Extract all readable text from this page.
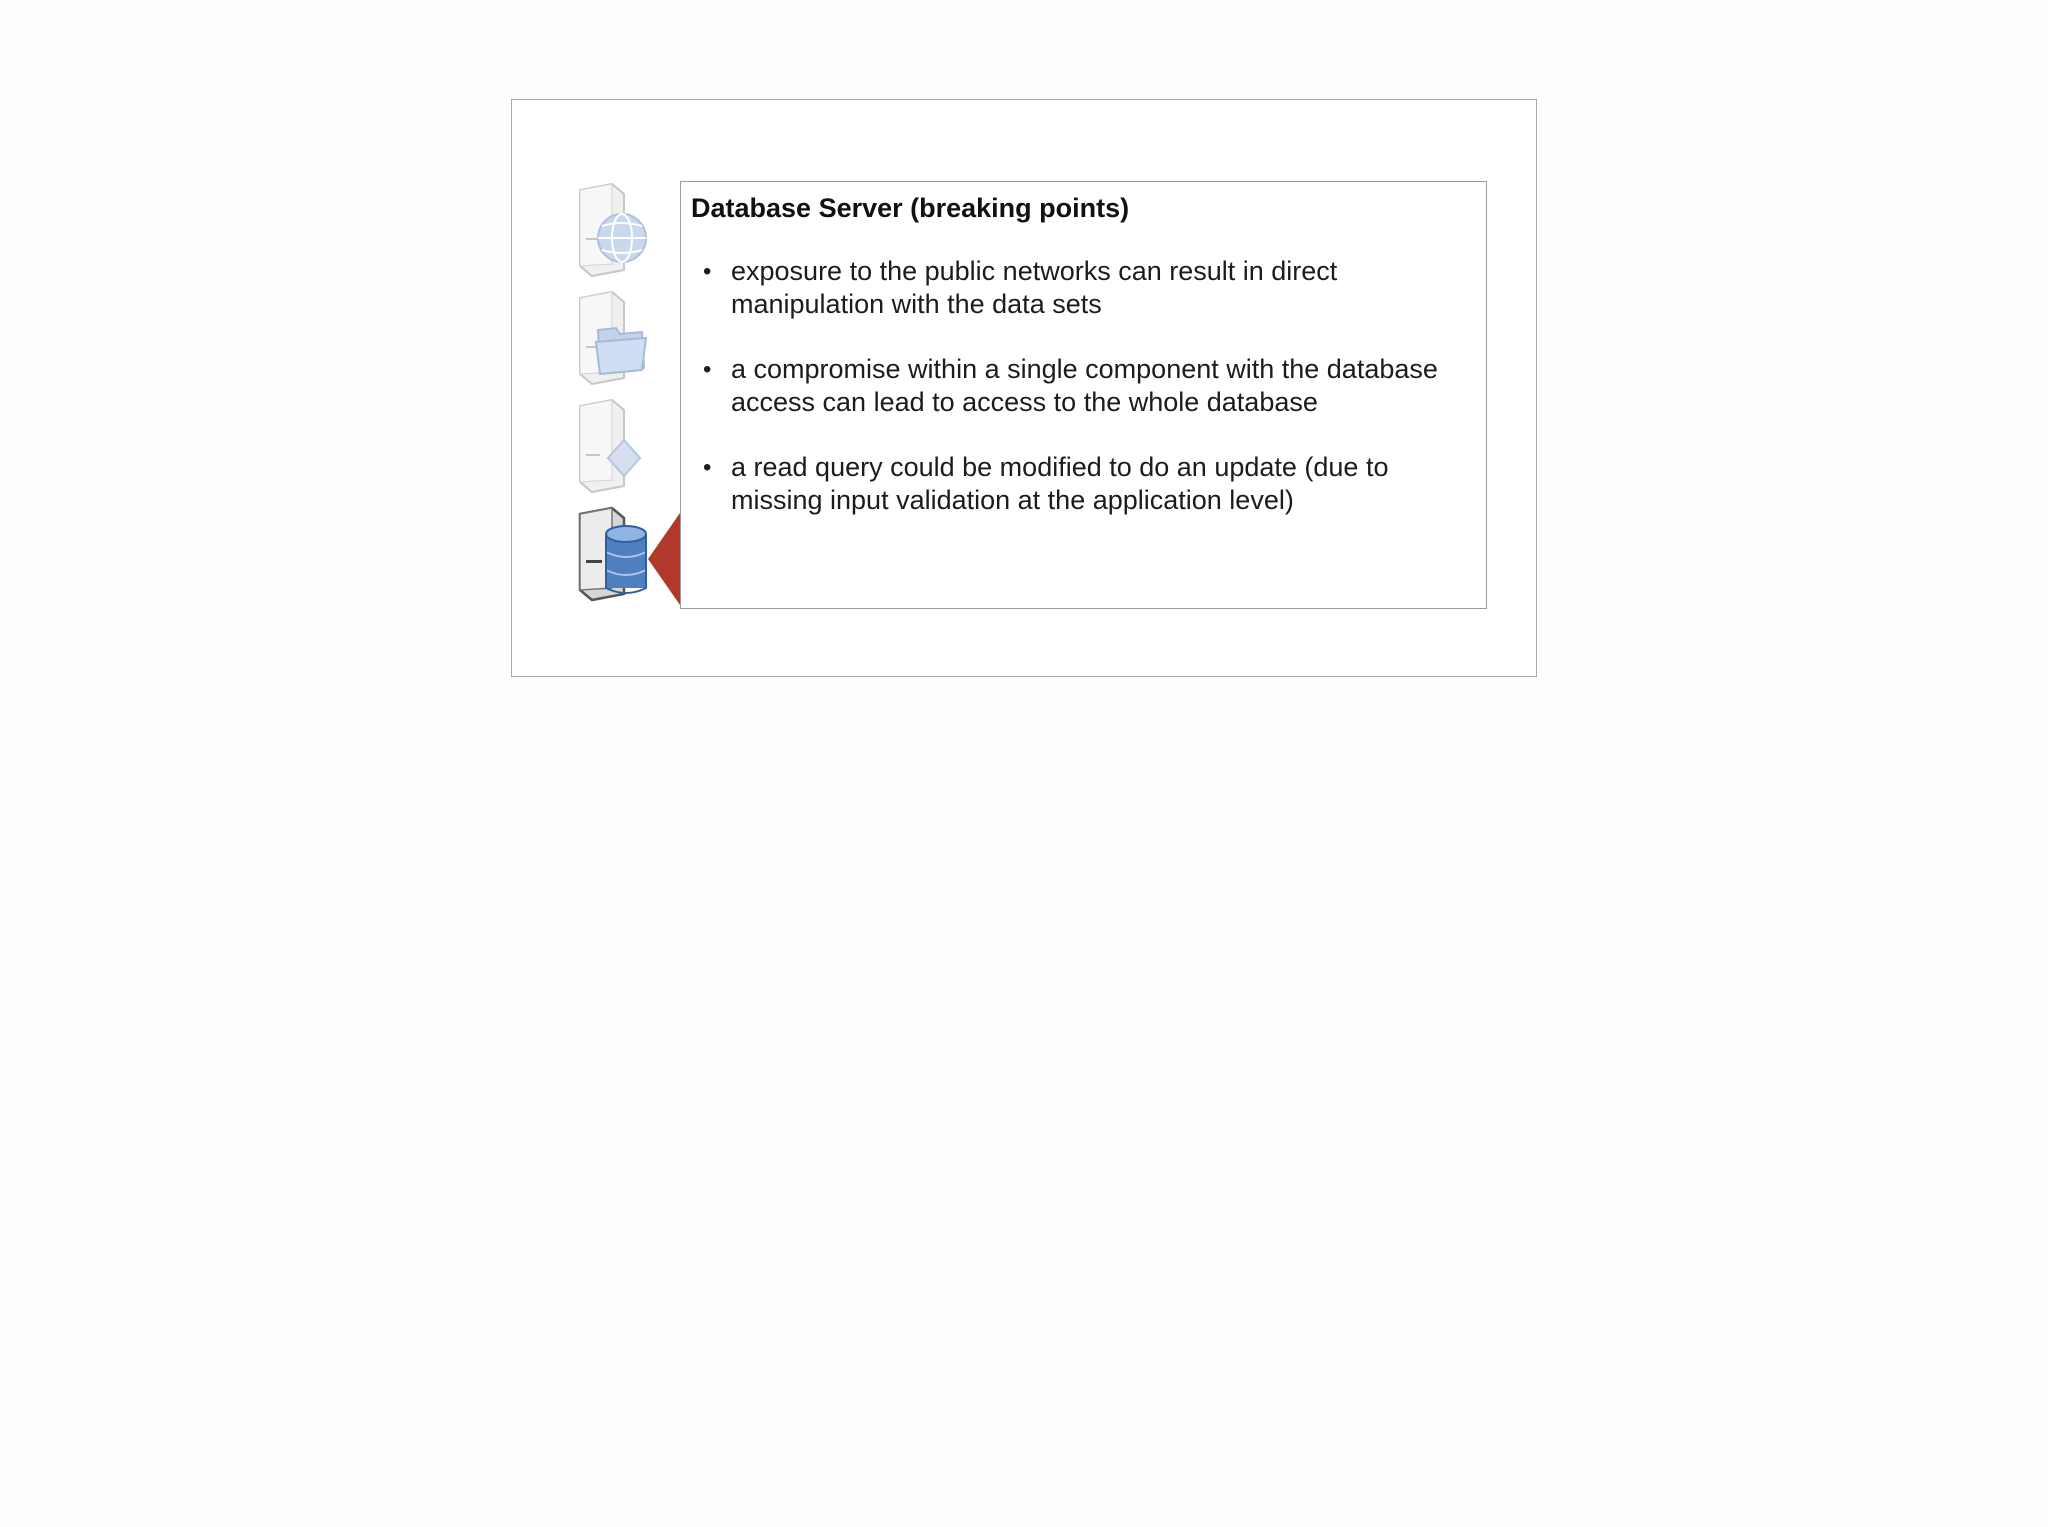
Database Server (breaking points)
• exposure to the public networks can result in direct manipulation with the data sets
• a compromise within a single component with the database access can lead to access to the whole database
• a read query could be modified to do an update (due to missing input validation at the application level)
